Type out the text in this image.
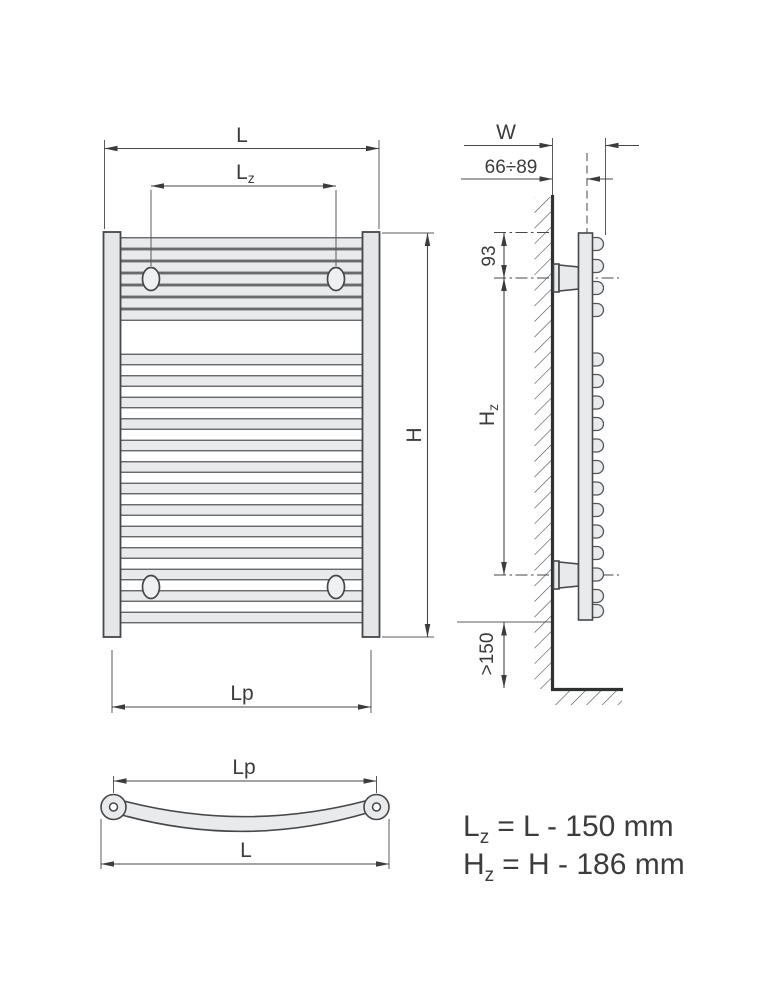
L
Lz
H
Lp
W
66÷89
93
Hz
>150
Lp
L
$L_z = L - 150$ mm
$H_z = H - 186$ mm
